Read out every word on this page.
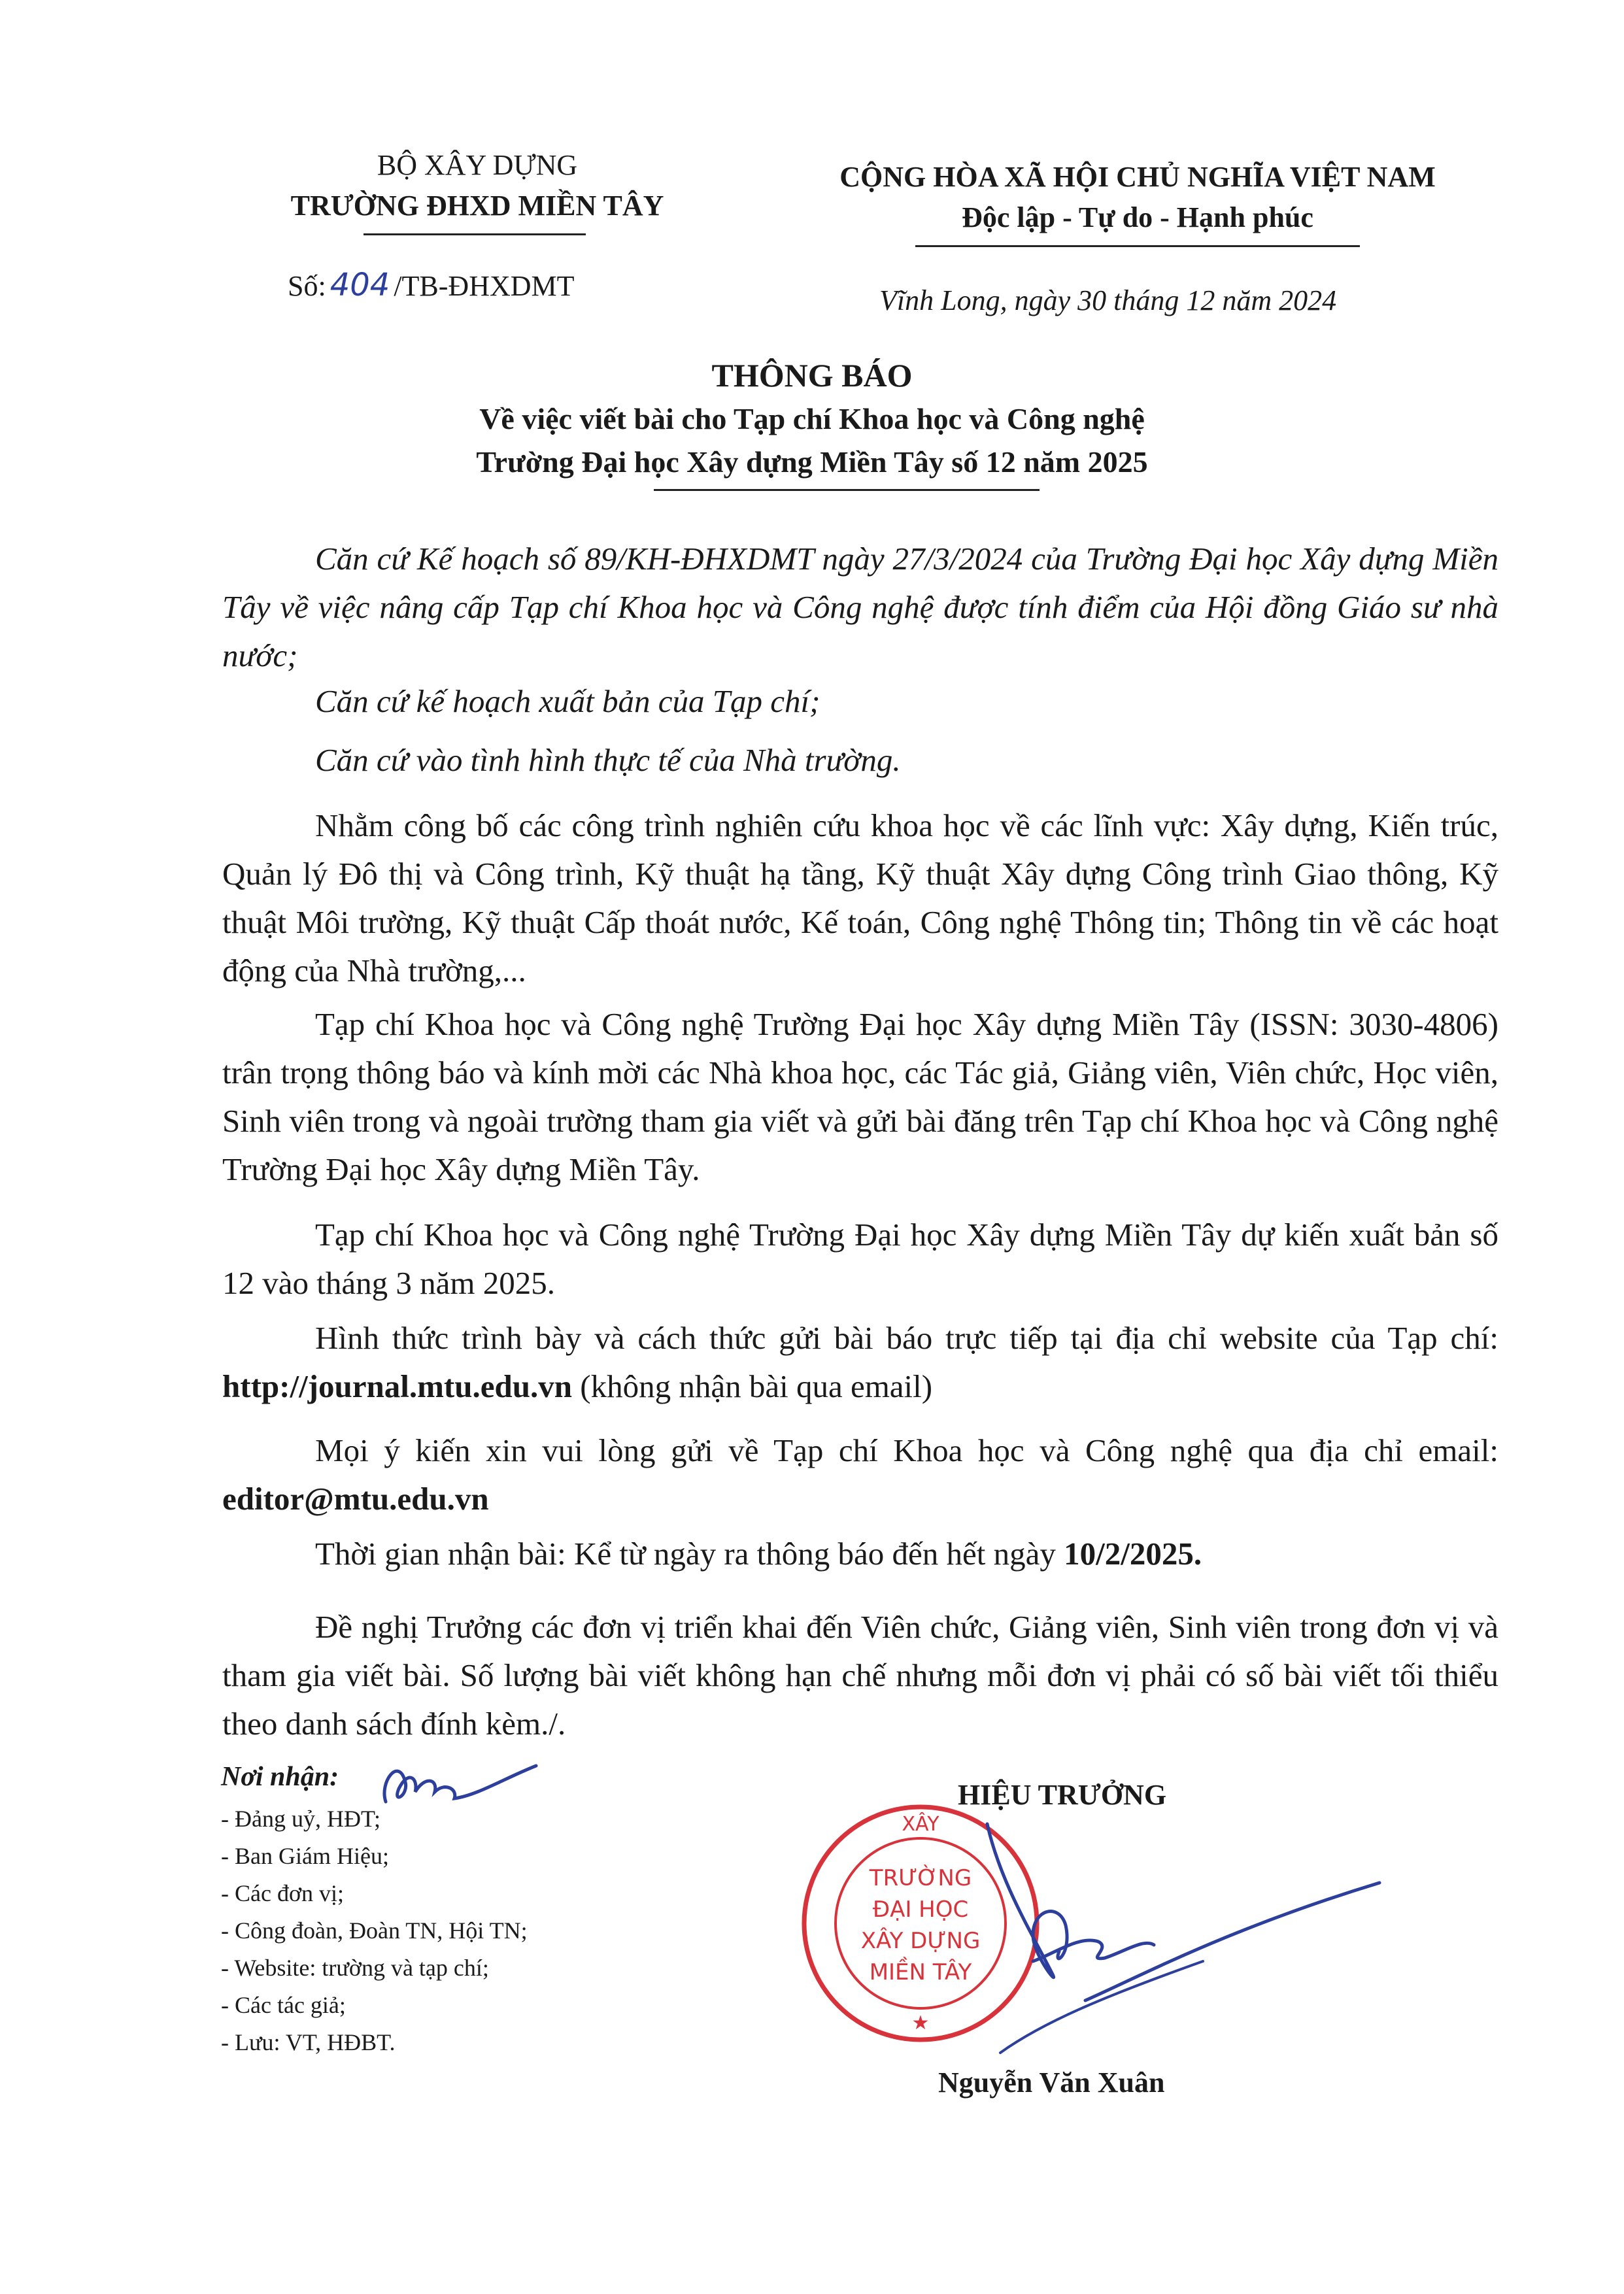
BỘ XÂY DỰNG
TRƯỜNG ĐHXD MIỀN TÂY
Số: 404 /TB-ĐHXDMT
CỘNG HÒA XÃ HỘI CHỦ NGHĨA VIỆT NAM
Độc lập - Tự do - Hạnh phúc
Vĩnh Long, ngày 30 tháng 12 năm 2024
THÔNG BÁO
Về việc viết bài cho Tạp chí Khoa học và Công nghệ
Trường Đại học Xây dựng Miền Tây số 12 năm 2025

Căn cứ Kế hoạch số 89/KH-ĐHXDMT ngày 27/3/2024 của Trường Đại học Xây dựng Miền Tây về việc nâng cấp Tạp chí Khoa học và Công nghệ được tính điểm của Hội đồng Giáo sư nhà nước;

Căn cứ kế hoạch xuất bản của Tạp chí;

Căn cứ vào tình hình thực tế của Nhà trường.

Nhằm công bố các công trình nghiên cứu khoa học về các lĩnh vực: Xây dựng, Kiến trúc, Quản lý Đô thị và Công trình, Kỹ thuật hạ tầng, Kỹ thuật Xây dựng Công trình Giao thông, Kỹ thuật Môi trường, Kỹ thuật Cấp thoát nước, Kế toán, Công nghệ Thông tin; Thông tin về các hoạt động của Nhà trường,...

Tạp chí Khoa học và Công nghệ Trường Đại học Xây dựng Miền Tây (ISSN: 3030-4806) trân trọng thông báo và kính mời các Nhà khoa học, các Tác giả, Giảng viên, Viên chức, Học viên, Sinh viên trong và ngoài trường tham gia viết và gửi bài đăng trên Tạp chí Khoa học và Công nghệ Trường Đại học Xây dựng Miền Tây.

Tạp chí Khoa học và Công nghệ Trường Đại học Xây dựng Miền Tây dự kiến xuất bản số 12 vào tháng 3 năm 2025.

Hình thức trình bày và cách thức gửi bài báo trực tiếp tại địa chỉ website của Tạp chí: http://journal.mtu.edu.vn (không nhận bài qua email)

Mọi ý kiến xin vui lòng gửi về Tạp chí Khoa học và Công nghệ qua địa chỉ email: editor@mtu.edu.vn

Thời gian nhận bài: Kể từ ngày ra thông báo đến hết ngày 10/2/2025.

Đề nghị Trưởng các đơn vị triển khai đến Viên chức, Giảng viên, Sinh viên trong đơn vị và tham gia viết bài. Số lượng bài viết không hạn chế nhưng mỗi đơn vị phải có số bài viết tối thiểu theo danh sách đính kèm./.

Nơi nhận:
- Đảng uỷ, HĐT;
- Ban Giám Hiệu;
- Các đơn vị;
- Công đoàn, Đoàn TN, Hội TN;
- Website: trường và tạp chí;
- Các tác giả;
- Lưu: VT, HĐBT.
HIỆU TRƯỞNG
XÂY
TRƯỜNG
ĐẠI HỌC
XÂY DỰNG
MIỀN TÂY
★
Nguyễn Văn Xuân
